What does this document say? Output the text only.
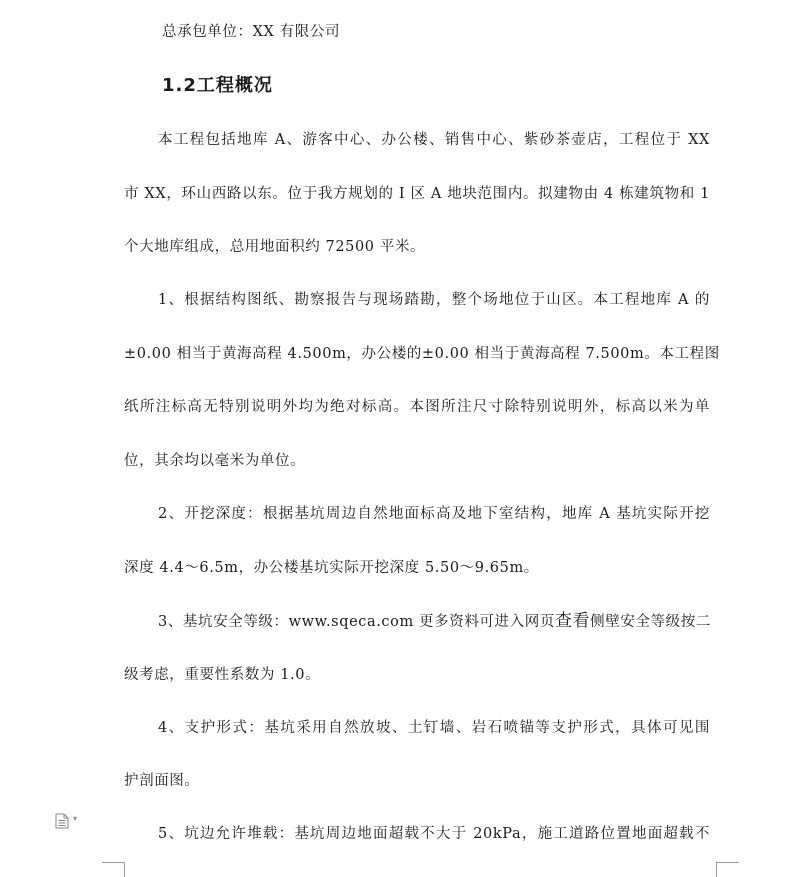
总承包单位：XX 有限公司
1.2工程概况
本工程包括地库 A、游客中心、办公楼、销售中心、紫砂茶壶店，工程位于 XX
市 XX，环山西路以东。位于我方规划的 I 区 A 地块范围内。拟建物由 4 栋建筑物和 1
个大地库组成，总用地面积约 72500 平米。
1、根据结构图纸、勘察报告与现场踏勘，整个场地位于山区。本工程地库 A 的
±0.00 相当于黄海高程 4.500m，办公楼的±0.00 相当于黄海高程 7.500m。本工程图
纸所注标高无特别说明外均为绝对标高。本图所注尺寸除特别说明外，标高以米为单
位，其余均以毫米为单位。
2、开挖深度：根据基坑周边自然地面标高及地下室结构，地库 A 基坑实际开挖
深度 4.4～6.5m，办公楼基坑实际开挖深度 5.50～9.65m。
3、基坑安全等级：www.sqeca.com 更多资料可进入网页查看侧壁安全等级按二
级考虑，重要性系数为 1.0。
4、支护形式：基坑采用自然放坡、土钉墙、岩石喷锚等支护形式，具体可见围
护剖面图。
5、坑边允许堆载：基坑周边地面超载不大于 20kPa，施工道路位置地面超载不
▾
